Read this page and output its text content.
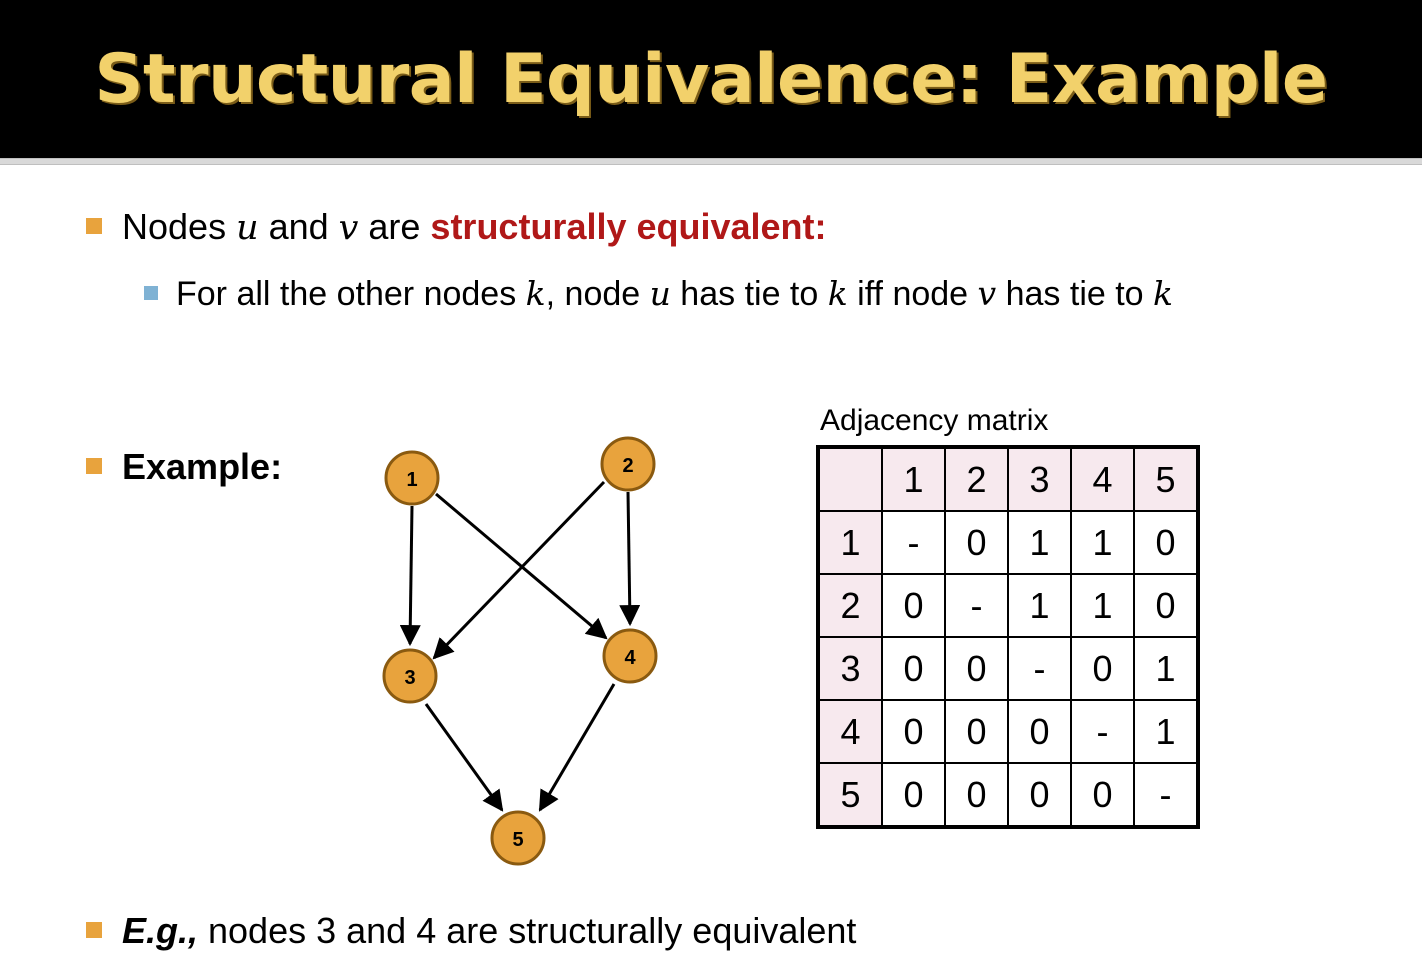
Structural Equivalence: Example
Nodes u and v are structurally equivalent:
For all the other nodes k, node u has tie to k iff node v has tie to k
Example:	1
2
3
4
5
Adjacency matrix
	1	2	3	4	5
1	-	0	1	1	0
2	0	-	1	1	0
3	0	0	-	0	1
4	0	0	0	-	1
5	0	0	0	0	-
E.g., nodes 3 and 4 are structurally equivalent
